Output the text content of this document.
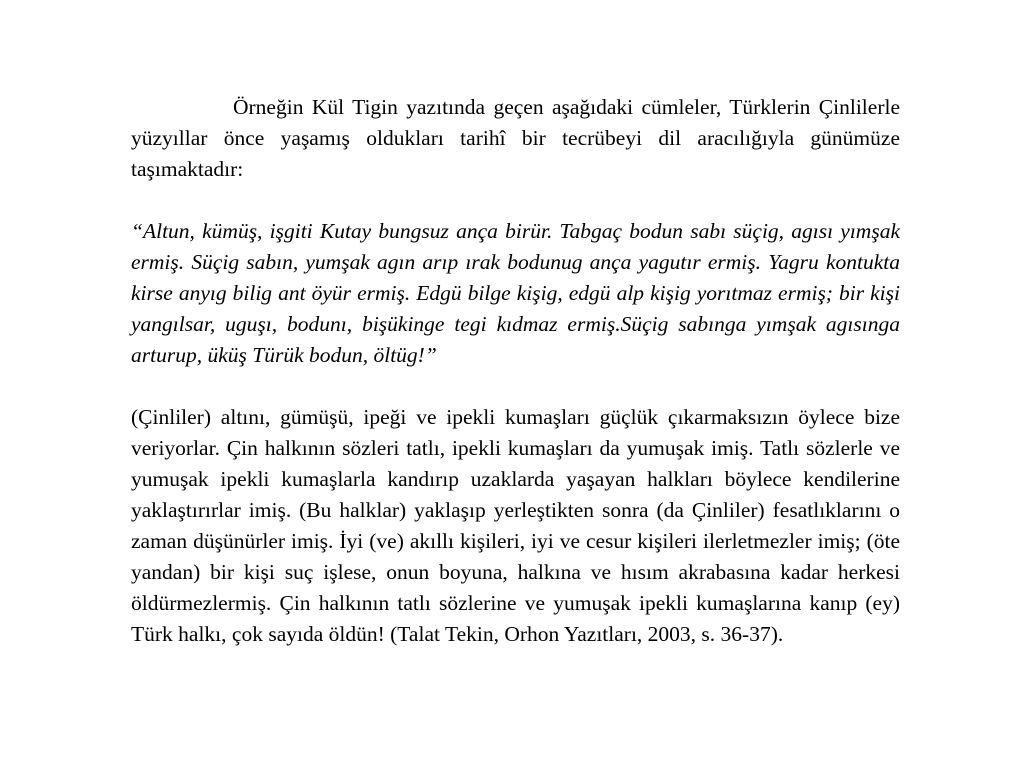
Örneğin Kül Tigin yazıtında geçen aşağıdaki cümleler, Türklerin Çinlilerle yüzyıllar önce yaşamış oldukları tarihî bir tecrübeyi dil aracılığıyla günümüze taşımaktadır:

“Altun, kümüş, işgiti Kutay bungsuz ança birür. Tabgaç bodun sabı süçig, agısı yımşak ermiş. Süçig sabın, yumşak agın arıp ırak bodunug ança yagutır ermiş. Yagru kontukta kirse anyıg bilig ant öyür ermiş. Edgü bilge kişig, edgü alp kişig yorıtmaz ermiş; bir kişi yangılsar, uguşı, bodunı, bişükinge tegi kıdmaz ermiş.Süçig sabınga yımşak agısınga arturup, üküş Türük bodun, öltüg!”

(Çinliler) altını, gümüşü, ipeği ve ipekli kumaşları güçlük çıkarmaksızın öylece bize veriyorlar. Çin halkının sözleri tatlı, ipekli kumaşları da yumuşak imiş. Tatlı sözlerle ve yumuşak ipekli kumaşlarla kandırıp uzaklarda yaşayan halkları böylece kendilerine yaklaştırırlar imiş. (Bu halklar) yaklaşıp yerleştikten sonra (da Çinliler) fesatlıklarını o zaman düşünürler imiş. İyi (ve) akıllı kişileri, iyi ve cesur kişileri ilerletmezler imiş; (öte yandan) bir kişi suç işlese, onun boyuna, halkına ve hısım akrabasına kadar herkesi öldürmezlermiş. Çin halkının tatlı sözlerine ve yumuşak ipekli kumaşlarına kanıp (ey) Türk halkı, çok sayıda öldün! (Talat Tekin, Orhon Yazıtları, 2003, s. 36-37).
